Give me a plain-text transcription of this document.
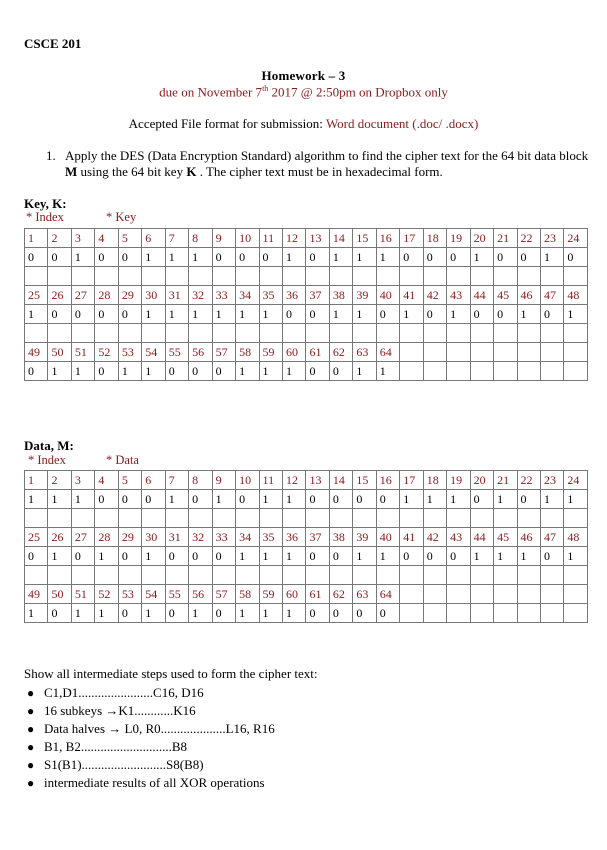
CSCE 201
Homework – 3
due on November 7th 2017 @ 2:50pm on Dropbox only
Accepted File format for submission: Word document (.doc/ .docx)
1. Apply the DES (Data Encryption Standard) algorithm to find the cipher text for the 64 bit data block M using the 64 bit key K . The cipher text must be in hexadecimal form.
Key, K:
* Index	* Key
1	2	3	4	5	6	7	8	9	10	11	12	13	14	15	16	17	18	19	20	21	22	23	24
0	0	1	0	0	1	1	1	0	0	0	1	0	1	1	1	0	0	0	1	0	0	1	0

25	26	27	28	29	30	31	32	33	34	35	36	37	38	39	40	41	42	43	44	45	46	47	48
1	0	0	0	0	1	1	1	1	1	1	0	0	1	1	0	1	0	1	0	0	1	0	1

49	50	51	52	53	54	55	56	57	58	59	60	61	62	63	64								
0	1	1	0	1	1	0	0	0	1	1	1	0	0	1	1								
Data, M:
* Index	* Data
1	2	3	4	5	6	7	8	9	10	11	12	13	14	15	16	17	18	19	20	21	22	23	24
1	1	1	0	0	0	1	0	1	0	1	1	0	0	0	0	1	1	1	0	1	0	1	1

25	26	27	28	29	30	31	32	33	34	35	36	37	38	39	40	41	42	43	44	45	46	47	48
0	1	0	1	0	1	0	0	0	1	1	1	0	0	1	1	0	0	0	1	1	1	0	1

49	50	51	52	53	54	55	56	57	58	59	60	61	62	63	64								
1	0	1	1	0	1	0	1	0	1	1	1	0	0	0	0								
Show all intermediate steps used to form the cipher text:
● C1,D1.......................C16, D16
● 16 subkeys →K1............K16
● Data halves → L0, R0....................L16, R16
● B1, B2............................B8
● S1(B1)..........................S8(B8)
● intermediate results of all XOR operations
